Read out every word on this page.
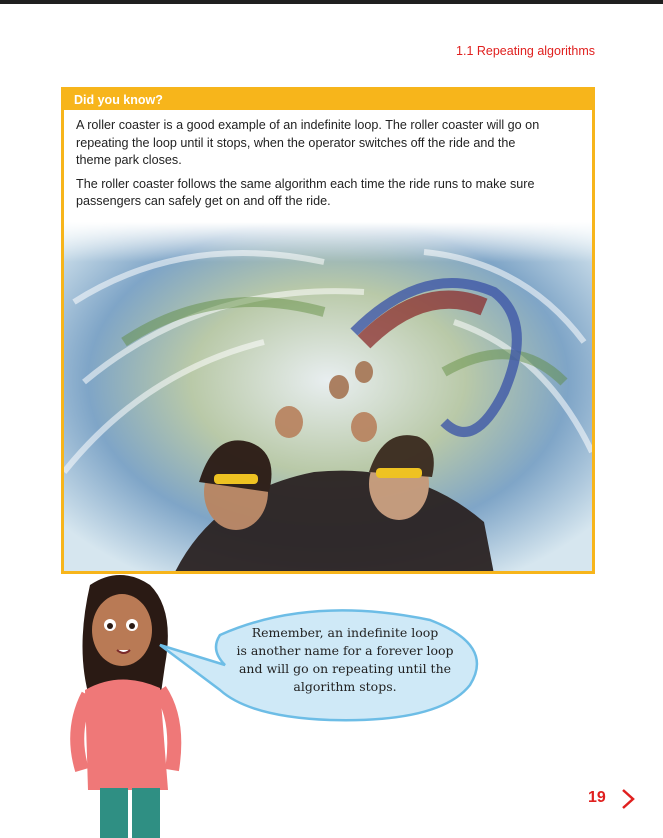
1.1 Repeating algorithms
Did you know?

A roller coaster is a good example of an indefinite loop. The roller coaster will go on repeating the loop until it stops, when the operator switches off the ride and the theme park closes.

The roller coaster follows the same algorithm each time the ride runs to make sure passengers can safely get on and off the ride.

Remember, an indefinite loop
is another name for a forever loop
and will go on repeating until the
algorithm stops.
19
